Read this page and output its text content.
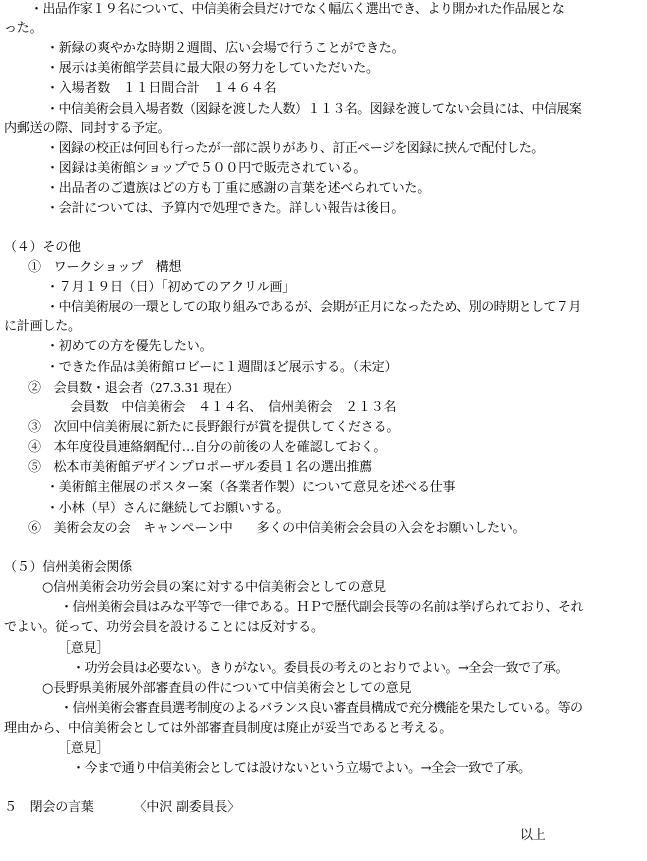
・出品作家１９名について、中信美術会員だけでなく幅広く選出でき、より開かれた作品展とな

った。

・新緑の爽やかな時期２週間、広い会場で行うことができた。

・展示は美術館学芸員に最大限の努力をしていただいた。

・入場者数　１１日間合計　１４６４名

・中信美術会員入場者数（図録を渡した人数）１１３名。図録を渡してない会員には、中信展案

内郵送の際、同封する予定。

・図録の校正は何回も行ったが一部に誤りがあり、訂正ページを図録に挟んで配付した。

・図録は美術館ショップで５００円で販売されている。

・出品者のご遺族はどの方も丁重に感謝の言葉を述べられていた。

・会計については、予算内で処理できた。詳しい報告は後日。

（４）その他

①　ワークショップ　構想

・７月１９日（日）「初めてのアクリル画」

・中信美術展の一環としての取り組みであるが、会期が正月になったため、別の時期として７月

に計画した。

・初めての方を優先したい。

・できた作品は美術館ロビーに１週間ほど展示する。（未定）

②　会員数・退会者（27.3.31 現在）

会員数　中信美術会　４１４名、　信州美術会　２１３名

③　次回中信美術展に新たに長野銀行が賞を提供してくださる。

④　本年度役員連絡網配付…自分の前後の人を確認しておく。

⑤　松本市美術館デザインプロポーザル委員１名の選出推薦

・美術館主催展のポスター案（各業者作製）について意見を述べる仕事

・小林（早）さんに継続してお願いする。

⑥　美術会友の会　キャンペーン中 多くの中信美術会会員の入会をお願いしたい。

（５）信州美術会関係

○信州美術会功労会員の案に対する中信美術会としての意見

・信州美術会員はみな平等で一律である。ＨＰで歴代副会長等の名前は挙げられており、それ

でよい。従って、功労会員を設けることには反対する。

［意見］

・功労会員は必要ない。きりがない。委員長の考えのとおりでよい。→全会一致で了承。

○長野県美術展外部審査員の件について中信美術会としての意見

・信州美術会審査員選考制度のよるバランス良い審査員構成で充分機能を果たしている。等の

理由から、中信美術会としては外部審査員制度は廃止が妥当であると考える。

［意見］

・今まで通り中信美術会としては設けないという立場でよい。→全会一致で了承。

５　閉会の言葉	〈中沢 副委員長〉

以上
